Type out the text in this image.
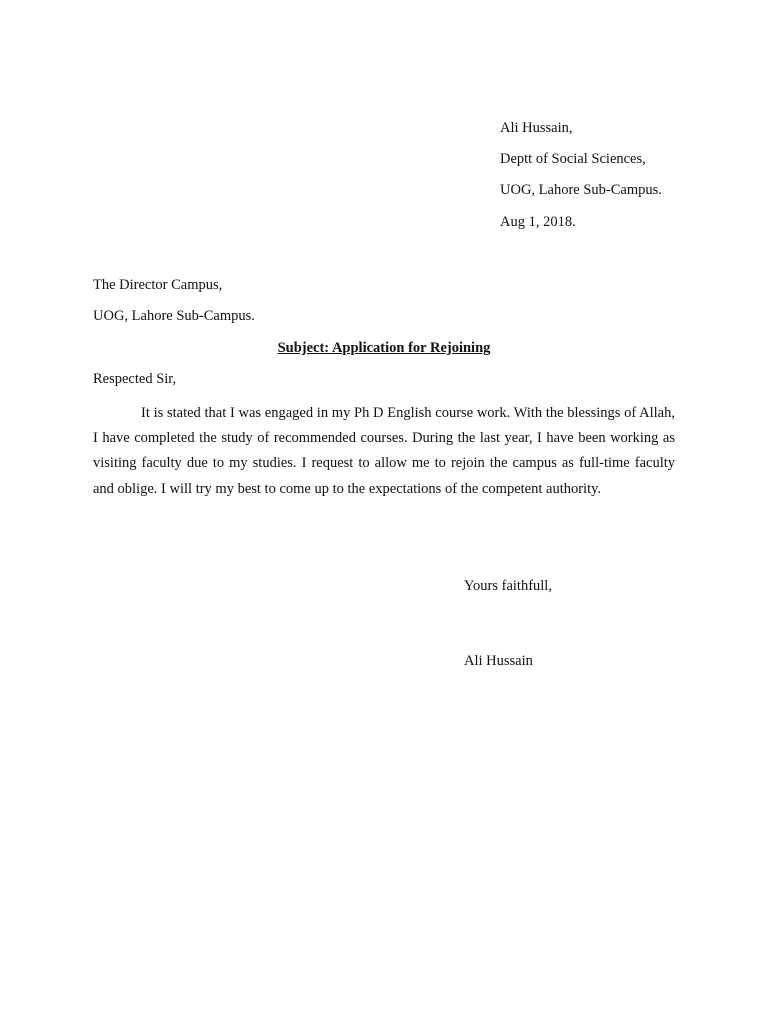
Ali Hussain,
Deptt of Social Sciences,
UOG, Lahore Sub-Campus.
Aug 1, 2018.
The Director Campus,
UOG, Lahore Sub-Campus.
Subject: Application for Rejoining
Respected Sir,
It is stated that I was engaged in my Ph D English course work. With the blessings of Allah, I have completed the study of recommended courses. During the last year, I have been working as visiting faculty due to my studies. I request to allow me to rejoin the campus as full-time faculty and oblige. I will try my best to come up to the expectations of the competent authority.
Yours faithfull,
Ali Hussain
